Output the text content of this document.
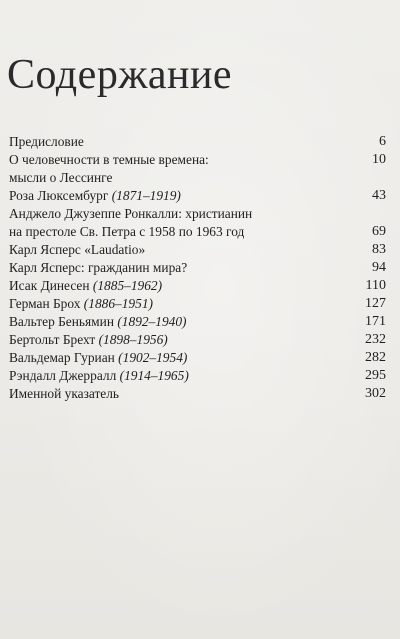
Содержание
Предисловие	6
О человечности в темные времена:	10
мысли о Лессинге
Роза Люксембург (1871–1919)	43
Анджело Джузеппе Ронкалли: христианин
на престоле Св. Петра с 1958 по 1963 год	69
Карл Ясперс «Laudatio»	83
Карл Ясперс: гражданин мира?	94
Исак Динесен (1885–1962)	110
Герман Брох (1886–1951)	127
Вальтер Беньямин (1892–1940)	171
Бертольт Брехт (1898–1956)	232
Вальдемар Гуриан (1902–1954)	282
Рэндалл Джерралл (1914–1965)	295
Именной указатель	302
